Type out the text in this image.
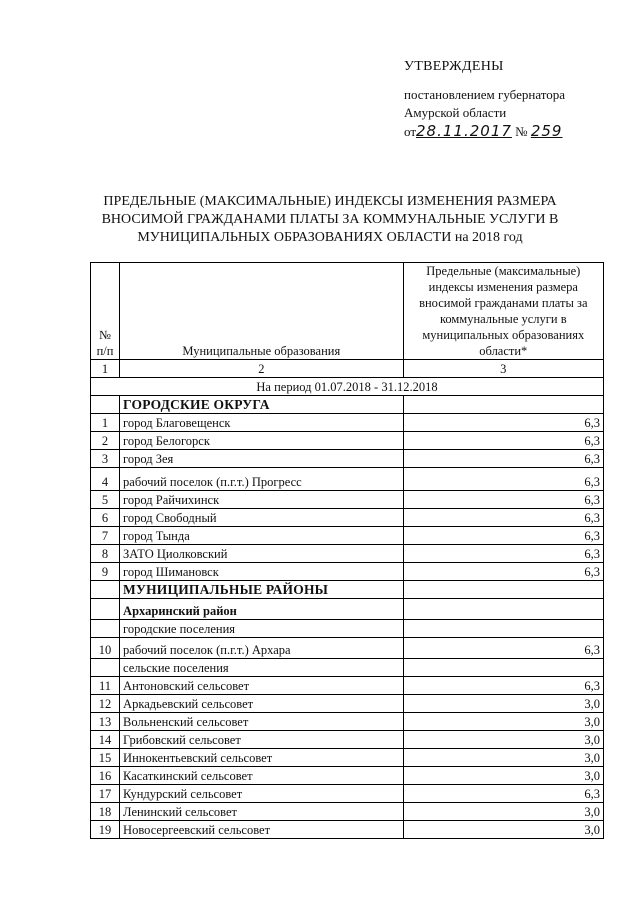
УТВЕРЖДЕНЫ
постановлением губернатора
Амурской области
от28.11.2017 № 259
ПРЕДЕЛЬНЫЕ (МАКСИМАЛЬНЫЕ) ИНДЕКСЫ ИЗМЕНЕНИЯ РАЗМЕРА
ВНОСИМОЙ ГРАЖДАНАМИ ПЛАТЫ ЗА КОММУНАЛЬНЫЕ УСЛУГИ В
МУНИЦИПАЛЬНЫХ ОБРАЗОВАНИЯХ ОБЛАСТИ на 2018 год
№ п/п	Муниципальные образования	Предельные (максимальные) индексы изменения размера вносимой гражданами платы за коммунальные услуги в муниципальных образованиях области*
1	2	3
На период 01.07.2018 - 31.12.2018		
	ГОРОДСКИЕ ОКРУГА	
1	город Благовещенск	6,3
2	город Белогорск	6,3
3	город Зея	6,3
4	рабочий поселок (п.г.т.) Прогресс	6,3
5	город Райчихинск	6,3
6	город Свободный	6,3
7	город Тында	6,3
8	ЗАТО Циолковский	6,3
9	город Шимановск	6,3
	МУНИЦИПАЛЬНЫЕ РАЙОНЫ	
	Архаринский район	
	городские поселения	
10	рабочий поселок (п.г.т.) Архара	6,3
	сельские поселения	
11	Антоновский сельсовет	6,3
12	Аркадьевский сельсовет	3,0
13	Вольненский сельсовет	3,0
14	Грибовский сельсовет	3,0
15	Иннокентьевский сельсовет	3,0
16	Касаткинский сельсовет	3,0
17	Кундурский сельсовет	6,3
18	Ленинский сельсовет	3,0
19	Новосергеевский сельсовет	3,0
